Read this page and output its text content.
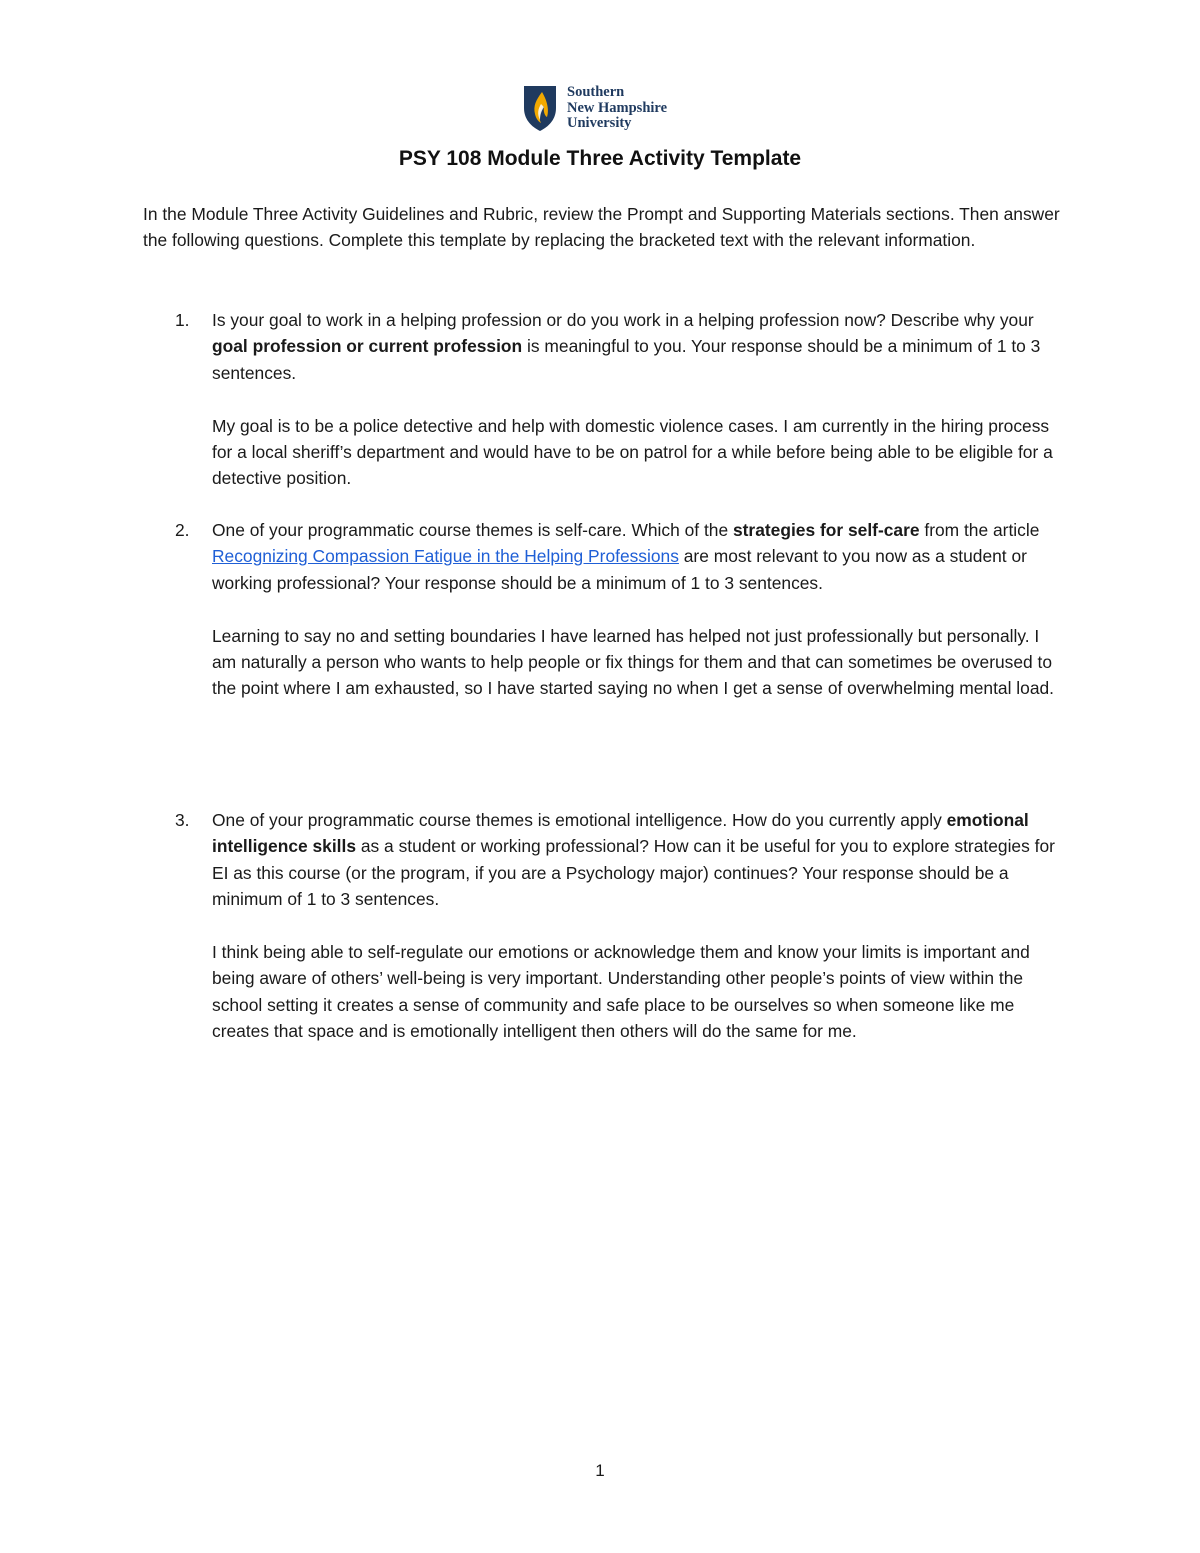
Southern
New Hampshire
University
PSY 108 Module Three Activity Template

In the Module Three Activity Guidelines and Rubric, review the Prompt and Supporting Materials sections. Then answer the following questions. Complete this template by replacing the bracketed text with the relevant information.

1. Is your goal to work in a helping profession or do you work in a helping profession now? Describe why your goal profession or current profession is meaningful to you. Your response should be a minimum of 1 to 3 sentences.

My goal is to be a police detective and help with domestic violence cases. I am currently in the hiring process for a local sheriff’s department and would have to be on patrol for a while before being able to be eligible for a detective position.

2. One of your programmatic course themes is self-care. Which of the strategies for self-care from the article Recognizing Compassion Fatigue in the Helping Professions are most relevant to you now as a student or working professional? Your response should be a minimum of 1 to 3 sentences.

Learning to say no and setting boundaries I have learned has helped not just professionally but personally. I am naturally a person who wants to help people or fix things for them and that can sometimes be overused to the point where I am exhausted, so I have started saying no when I get a sense of overwhelming mental load.

3. One of your programmatic course themes is emotional intelligence. How do you currently apply emotional intelligence skills as a student or working professional? How can it be useful for you to explore strategies for EI as this course (or the program, if you are a Psychology major) continues? Your response should be a minimum of 1 to 3 sentences.

I think being able to self-regulate our emotions or acknowledge them and know your limits is important and being aware of others’ well-being is very important. Understanding other people’s points of view within the school setting it creates a sense of community and safe place to be ourselves so when someone like me creates that space and is emotionally intelligent then others will do the same for me.

1
